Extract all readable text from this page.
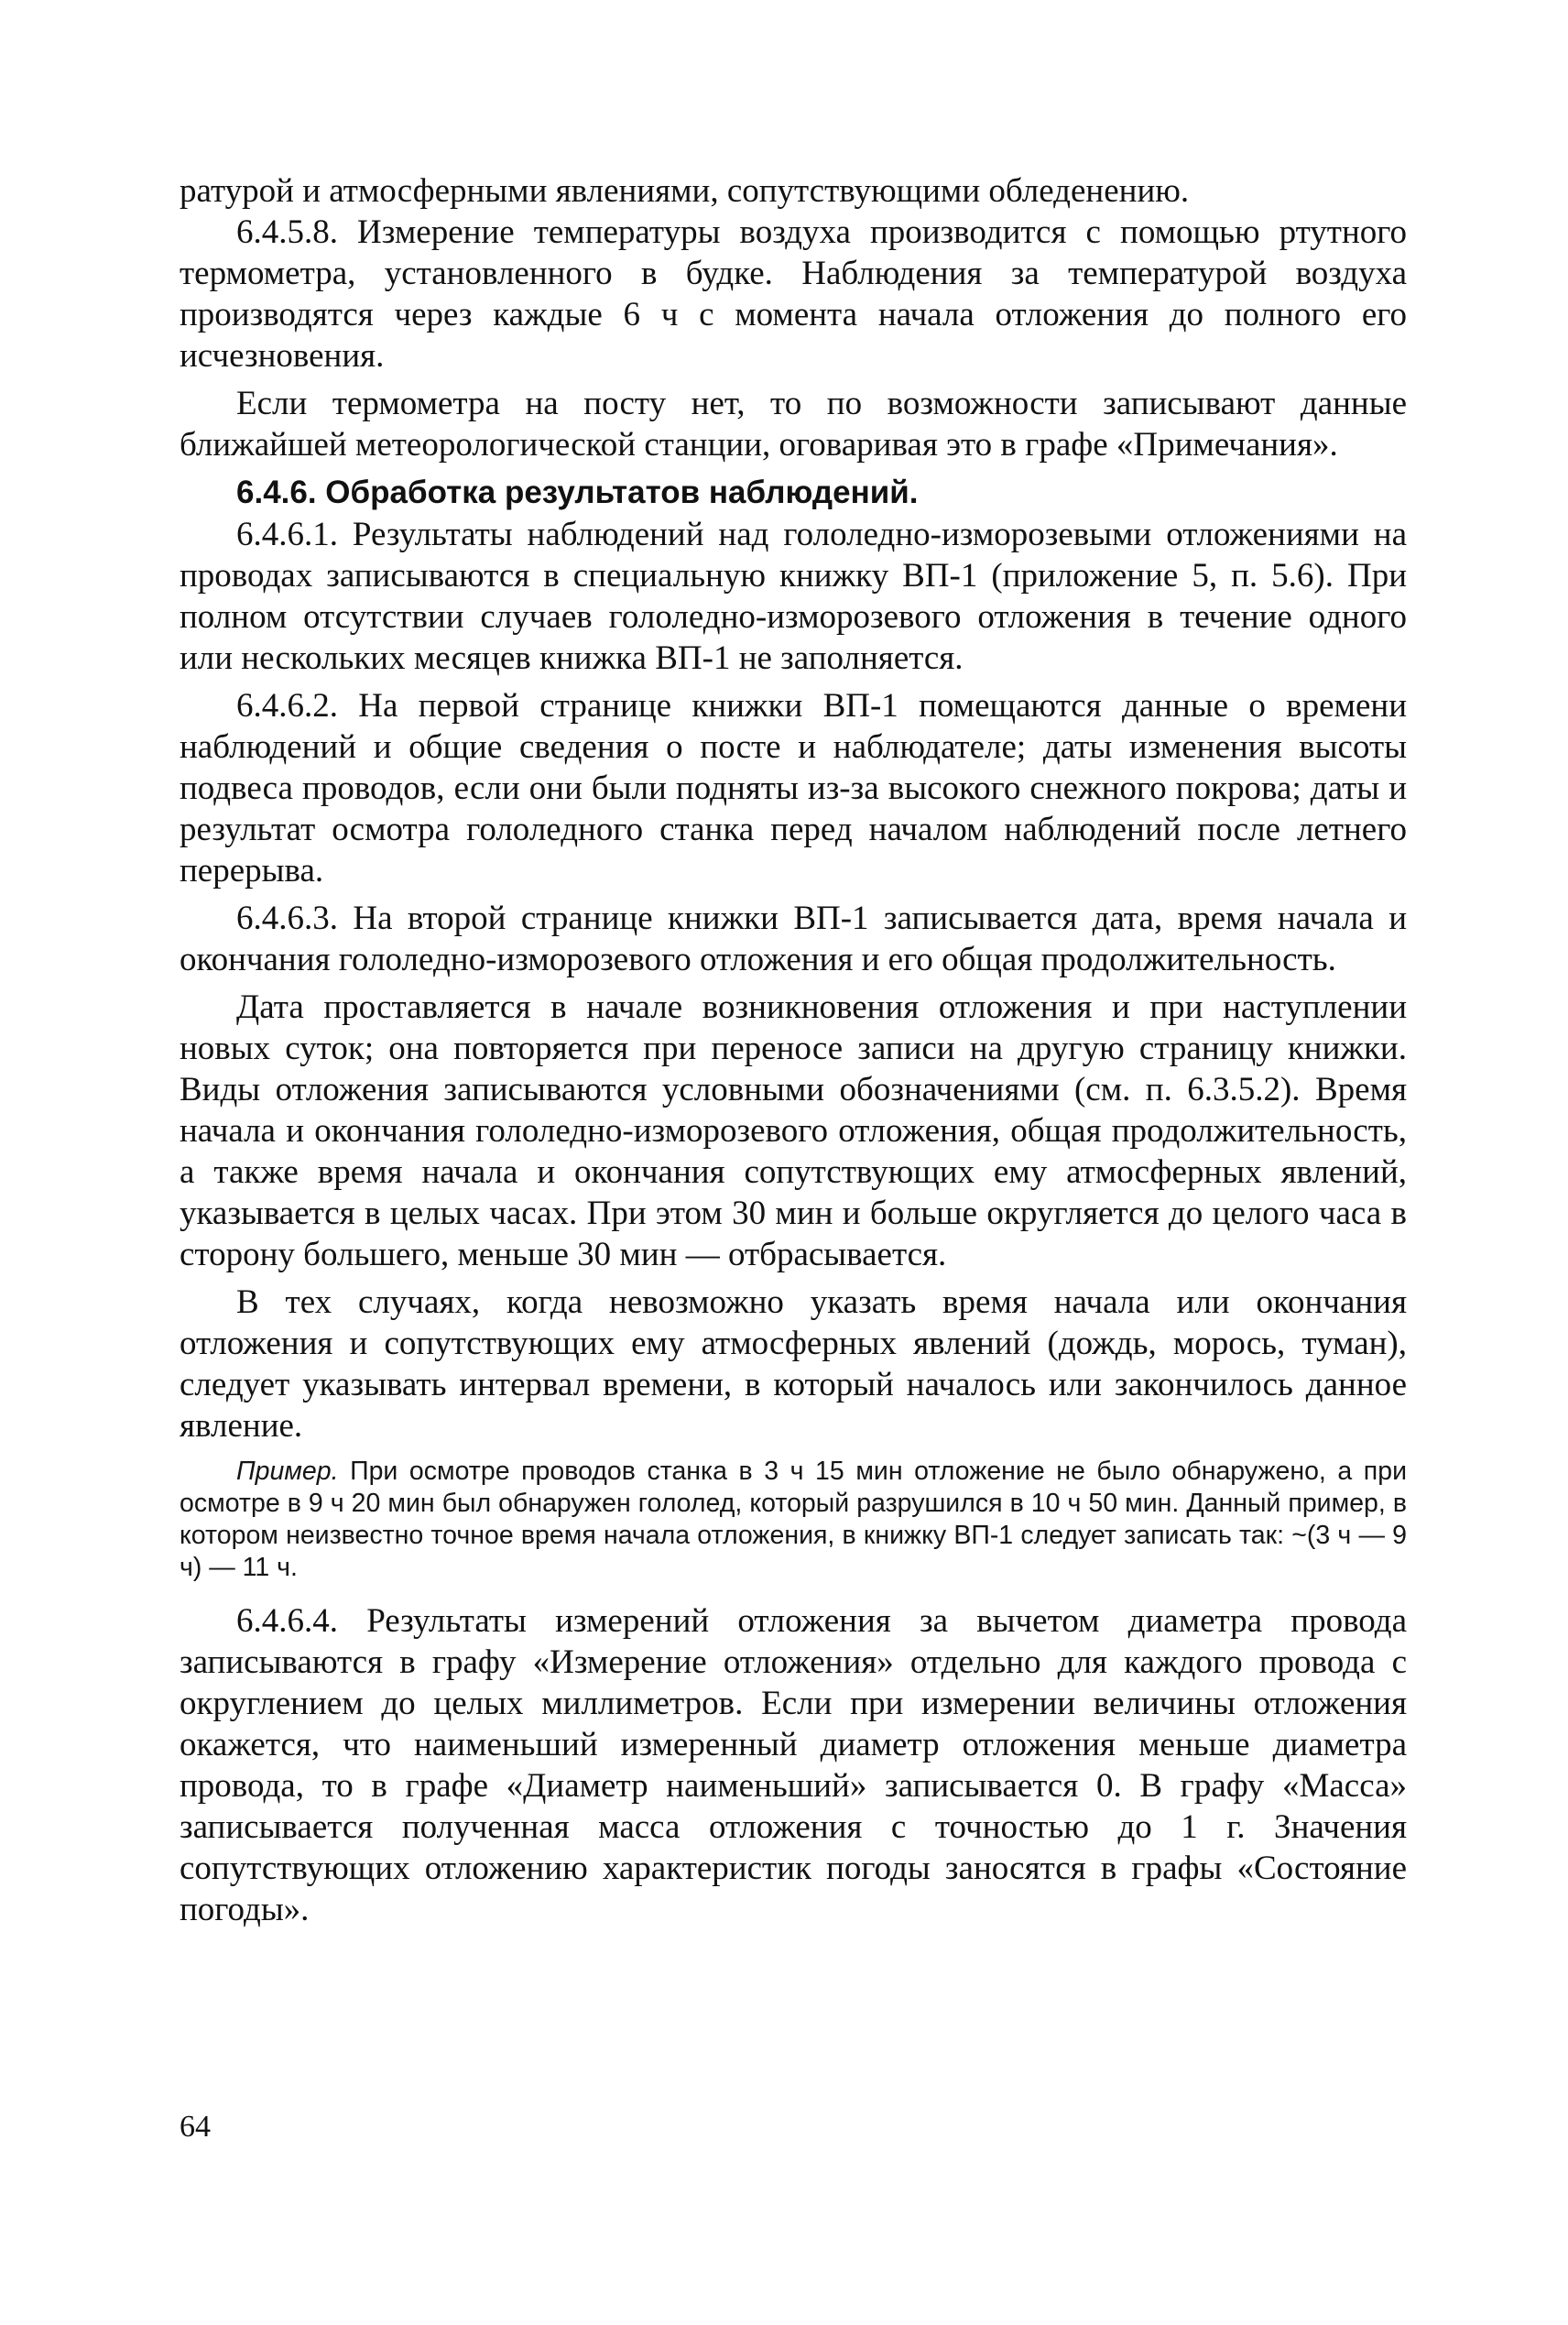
ратурой и атмосферными явлениями, сопутствующими обледенению.

6.4.5.8. Измерение температуры воздуха производится с помощью ртутного термометра, установленного в будке. Наблюдения за температурой воздуха производятся через каждые 6 ч с момента начала отложения до полного его исчезновения.

Если термометра на посту нет, то по возможности записывают данные ближайшей метеорологической станции, оговаривая это в графе «Примечания».

6.4.6. Обработка результатов наблюдений.

6.4.6.1. Результаты наблюдений над гололедно-изморозевыми отложениями на проводах записываются в специальную книжку ВП-1 (приложение 5, п. 5.6). При полном отсутствии случаев гололедно-изморозевого отложения в течение одного или нескольких месяцев книжка ВП-1 не заполняется.

6.4.6.2. На первой странице книжки ВП-1 помещаются данные о времени наблюдений и общие сведения о посте и наблюдателе; даты изменения высоты подвеса проводов, если они были подняты из-за высокого снежного покрова; даты и результат осмотра гололедного станка перед началом наблюдений после летнего перерыва.

6.4.6.3. На второй странице книжки ВП-1 записывается дата, время начала и окончания гололедно-изморозевого отложения и его общая продолжительность.

Дата проставляется в начале возникновения отложения и при наступлении новых суток; она повторяется при переносе записи на другую страницу книжки. Виды отложения записываются условными обозначениями (см. п. 6.3.5.2). Время начала и окончания гололедно-изморозевого отложения, общая продолжительность, а также время начала и окончания сопутствующих ему атмосферных явлений, указывается в целых часах. При этом 30 мин и больше округляется до целого часа в сторону большего, меньше 30 мин — отбрасывается.

В тех случаях, когда невозможно указать время начала или окончания отложения и сопутствующих ему атмосферных явлений (дождь, морось, туман), следует указывать интервал времени, в который началось или закончилось данное явление.

Пример. При осмотре проводов станка в 3 ч 15 мин отложение не было обнаружено, а при осмотре в 9 ч 20 мин был обнаружен гололед, который разрушился в 10 ч 50 мин. Данный пример, в котором неизвестно точное время начала отложения, в книжку ВП-1 следует записать так: ~(3 ч — 9 ч) — 11 ч.

6.4.6.4. Результаты измерений отложения за вычетом диаметра провода записываются в графу «Измерение отложения» отдельно для каждого провода с округлением до целых миллиметров. Если при измерении величины отложения окажется, что наименьший измеренный диаметр отложения меньше диаметра провода, то в графе «Диаметр наименьший» записывается 0. В графу «Масса» записывается полученная масса отложения с точностью до 1 г. Значения сопутствующих отложению характеристик погоды заносятся в графы «Состояние погоды».

64
